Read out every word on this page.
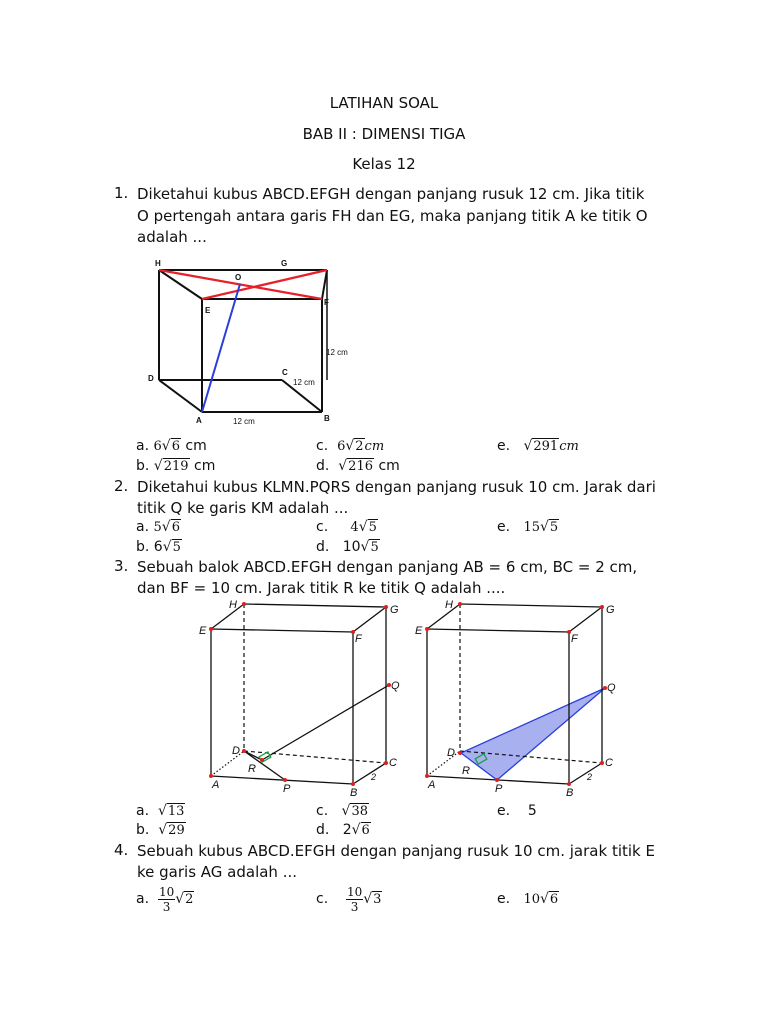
LATIHAN SOAL
BAB II : DIMENSI TIGA
Kelas 12
1. Diketahui kubus ABCD.EFGH dengan panjang rusuk 12 cm. Jika titik
O pertengah antara garis FH dan EG, maka panjang titik A ke titik O
adalah ...
H	G
O
E
F
D
C
A	B
12 cm
12 cm
12 cm
a. 6√6 cm	c. 6√2cm	e. √291cm
b. √219 cm	d. √216 cm
2. Diketahui kubus KLMN.PQRS dengan panjang rusuk 10 cm. Jarak dari
titik Q ke garis KM adalah ...
a. 5√6	c. 4√5	e. 15√5
b. 6√5	d. 10√5
3. Sebuah balok ABCD.EFGH dengan panjang AB = 6 cm, BC = 2 cm,
dan BF = 10 cm. Jarak titik R ke titik Q adalah ....
H	G
E
F
Q
D
C
R
A	P	B
2
H	G
E
F
Q
D
C
R
A	P	B
2
a. √13	c. √38	e. 5
b. √29	d. 2√6
4. Sebuah kubus ABCD.EFGH dengan panjang rusuk 10 cm. jarak titik E
ke garis AG adalah ...
a. $\frac{10}{3} √2$	c. $\frac{10}{3} √3$	e. 10√6
